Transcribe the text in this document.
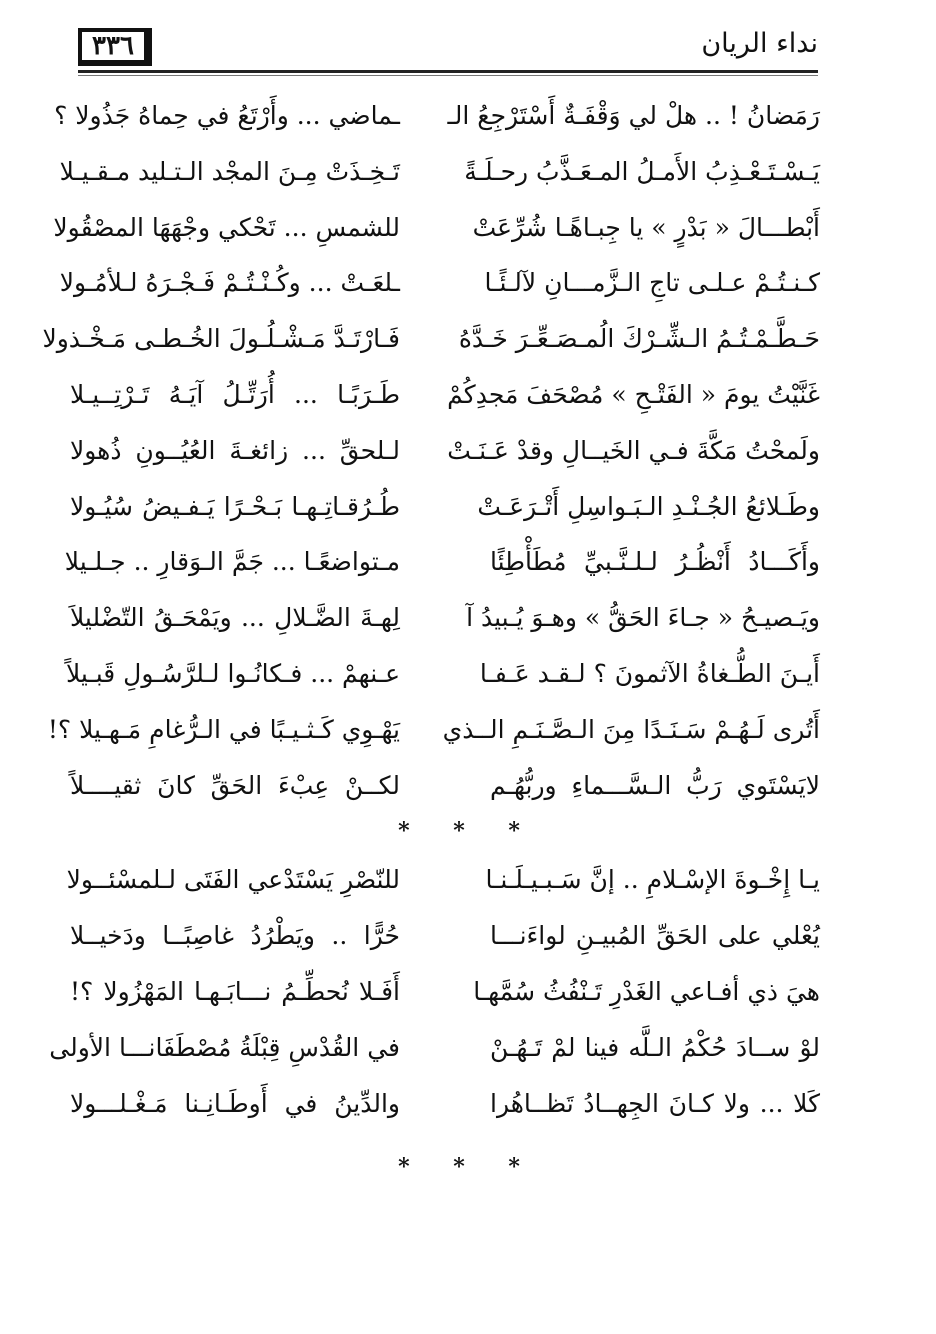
٣٣٦	نداء الريان
رَمَضانُ ! .. هلْ لي وَقْفَـةٌ أَسْتَرْجِعُ الـ
ـماضي ... وأَرْتَعُ في حِماهُ جَذُولا ؟
يَـسْـتَـعْـذِبُ الأَمـلُ المـعَـذَّبُ رحـلَـةً
تَـخِـذَتْ مِـنَ المجْد الـتـليد مـقـيـلا
أَبْطـــالَ « بَدْرٍ » يا جِبـاهًـا شُرِّعَتْ
للشمسِ ... تَحْكي وجْهَهَا المصْقُولا
كـنـتُـمْ عـلـى تاجِ الـزَّمـــانِ لآلـئًـا
ـلعَـتْ ... وكُـنْـتُـمْ فَـجْـرَهُ لـلأمُـولا
حَـطَّـمْـتُـمُ الـشِّـرْكَ الُمـصَـعِّـرَ خَـدَّهُ
فَـارْتَـدَّ مَـشْـلُـولَ الخُـطـى مَـخْـذولا
غَنَّيْتُ يومَ « الفَتْـحِ » مُصْحَفَ مَجدِكُمْ
طَـرَبًـا ... أُرَتِّـلُ آيَـهُ تَـرْتِــيـلا
ولَمحْتُ مَكَّةَ فـي الخَيــالِ وقدْ عَـنَـتْ
لـلحقِّ ... زائغـةَ العُيُــونِ ذُهولا
وطَـلائعُ الجُـنْـدِ الـبَـواسِلِ أَتْـرَعَـتْ
طُـرُقـاتِـهـا بَـحْـرًا يَـفـيضُ سُيُـولا
وأَكَـــادُ أَنْظُـرُ لـلـنَّـبيِّ مُطَأْطِئًا
مـتواضعًـا ... جَمَّ الـوَقارِ .. جـلـيلا
ويَـصيـحُ « جـاءَ الحَقُّ » وهـوَ يُـبيدُ آ
لِهـةَ الضَّـلالِ ... ويَمْحَـقُ التّضْليلاَ
أَيـنَ الطُّـغاةُ الآثمونَ ؟ لـقـد عَـفـا
عـنهمْ ... فـكانُـوا لـلرَّسُـولِ قَبـيلاً
أَتُرى لَـهُـمْ سَـنَـدًا مِنَ الـصَّـنَـمِ الــذي
يَهْـوِي كَـثـيـبًا في الـرُّغامِ مَـهـيلا ؟!
لايَسْتَوي رَبُّ الـسَّـــماءِ وربُّهُـم
لكــنْ عِبْءَ الحَقِّ كانَ ثقيــــلاً
* * *
يـا إِخْـوةَ الإسْـلامِ .. إنَّ سَـبـيـلَـنـا
للنّصْرِ يَسْتَدْعي الفَتَى لـلمسْئــولا
يُعْلي على الحَقِّ المُبيـنِ لواءَنـــا
حُرًّا .. ويَطْرُدُ غاصِبًــا ودَخيــلا
هيَ ذي أفـاعي الغَدْرِ تَـنْفُثُ سُمَّهـا
أَفَـلا نُحطِّـمُ نـــابَـهـا المَهْزُولا ؟!
لوْ ســادَ حُكْمُ الـلَّه فينا لمْ تَـهُـنْ
في القُدْسِ قِبْلَةُ مُصْطَفَانـــا الأولى
كَلا ... ولا كـانَ الجِهــادُ تَظــاهُرا
والدِّينُ في أَوطَـانِـنا مَـغْـلـــولا
* * *
